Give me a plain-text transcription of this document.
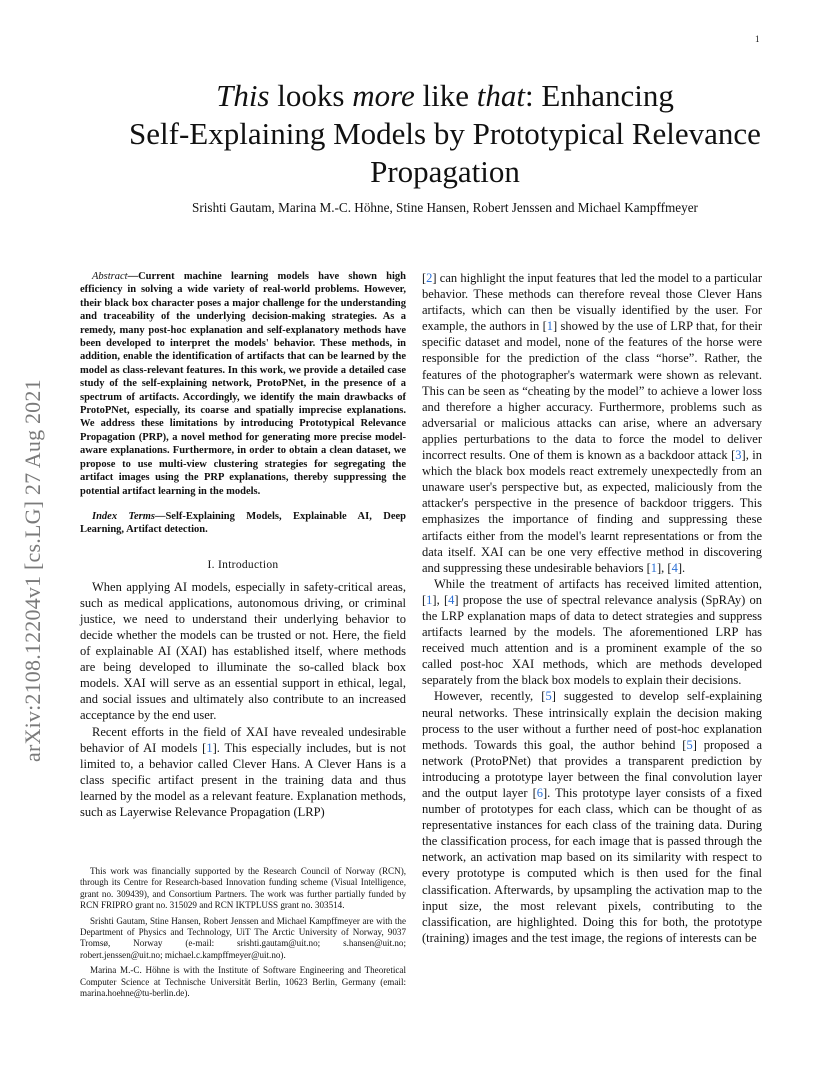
1
arXiv:2108.12204v1 [cs.LG] 27 Aug 2021
This looks more like that: Enhancing
Self-Explaining Models by Prototypical Relevance
Propagation
Srishti Gautam, Marina M.-C. Höhne, Stine Hansen, Robert Jenssen and Michael Kampffmeyer

Abstract—Current machine learning models have shown high efficiency in solving a wide variety of real-world problems. However, their black box character poses a major challenge for the understanding and traceability of the underlying decision-making strategies. As a remedy, many post-hoc explanation and self-explanatory methods have been developed to interpret the models' behavior. These methods, in addition, enable the identification of artifacts that can be learned by the model as class-relevant features. In this work, we provide a detailed case study of the self-explaining network, ProtoPNet, in the presence of a spectrum of artifacts. Accordingly, we identify the main drawbacks of ProtoPNet, especially, its coarse and spatially imprecise explanations. We address these limitations by introducing Prototypical Relevance Propagation (PRP), a novel method for generating more precise model-aware explanations. Furthermore, in order to obtain a clean dataset, we propose to use multi-view clustering strategies for segregating the artifact images using the PRP explanations, thereby suppressing the potential artifact learning in the models.

Index Terms—Self-Explaining Models, Explainable AI, Deep Learning, Artifact detection.

I. Introduction

When applying AI models, especially in safety-critical areas, such as medical applications, autonomous driving, or criminal justice, we need to understand their underlying behavior to decide whether the models can be trusted or not. Here, the field of explainable AI (XAI) has established itself, where methods are being developed to illuminate the so-called black box models. XAI will serve as an essential support in ethical, legal, and social issues and ultimately also contribute to an increased acceptance by the end user.

Recent efforts in the field of XAI have revealed undesirable behavior of AI models [1]. This especially includes, but is not limited to, a behavior called Clever Hans. A Clever Hans is a class specific artifact present in the training data and thus learned by the model as a relevant feature. Explanation methods, such as Layerwise Relevance Propagation (LRP)

This work was financially supported by the Research Council of Norway (RCN), through its Centre for Research-based Innovation funding scheme (Visual Intelligence, grant no. 309439), and Consortium Partners. The work was further partially funded by RCN FRIPRO grant no. 315029 and RCN IKTPLUSS grant no. 303514.

Srishti Gautam, Stine Hansen, Robert Jenssen and Michael Kampffmeyer are with the Department of Physics and Technology, UiT The Arctic University of Norway, 9037 Tromsø, Norway (e-mail: srishti.gautam@uit.no; s.hansen@uit.no; robert.jenssen@uit.no; michael.c.kampffmeyer@uit.no).

Marina M.-C. Höhne is with the Institute of Software Engineering and Theoretical Computer Science at Technische Universität Berlin, 10623 Berlin, Germany (email: marina.hoehne@tu-berlin.de).

[2] can highlight the input features that led the model to a particular behavior. These methods can therefore reveal those Clever Hans artifacts, which can then be visually identified by the user. For example, the authors in [1] showed by the use of LRP that, for their specific dataset and model, none of the features of the horse were responsible for the prediction of the class “horse”. Rather, the features of the photographer's watermark were shown as relevant. This can be seen as “cheating by the model” to achieve a lower loss and therefore a higher accuracy. Furthermore, problems such as adversarial or malicious attacks can arise, where an adversary applies perturbations to the data to force the model to deliver incorrect results. One of them is known as a backdoor attack [3], in which the black box models react extremely unexpectedly from an unaware user's perspective but, as expected, maliciously from the attacker's perspective in the presence of backdoor triggers. This emphasizes the importance of finding and suppressing these artifacts either from the model's learnt representations or from the data itself. XAI can be one very effective method in discovering and suppressing these undesirable behaviors [1], [4].

While the treatment of artifacts has received limited attention, [1], [4] propose the use of spectral relevance analysis (SpRAy) on the LRP explanation maps of data to detect strategies and suppress artifacts learned by the models. The aforementioned LRP has received much attention and is a prominent example of the so called post-hoc XAI methods, which are methods developed separately from the black box models to explain their decisions.

However, recently, [5] suggested to develop self-explaining neural networks. These intrinsically explain the decision making process to the user without a further need of post-hoc explanation methods. Towards this goal, the author behind [5] proposed a network (ProtoPNet) that provides a transparent prediction by introducing a prototype layer between the final convolution layer and the output layer [6]. This prototype layer consists of a fixed number of prototypes for each class, which can be thought of as representative instances for each class of the training data. During the classification process, for each image that is passed through the network, an activation map based on its similarity with respect to every prototype is computed which is then used for the final classification. Afterwards, by upsampling the activation map to the input size, the most relevant pixels, contributing to the classification, are highlighted. Doing this for both, the prototype (training) images and the test image, the regions of interests can be
